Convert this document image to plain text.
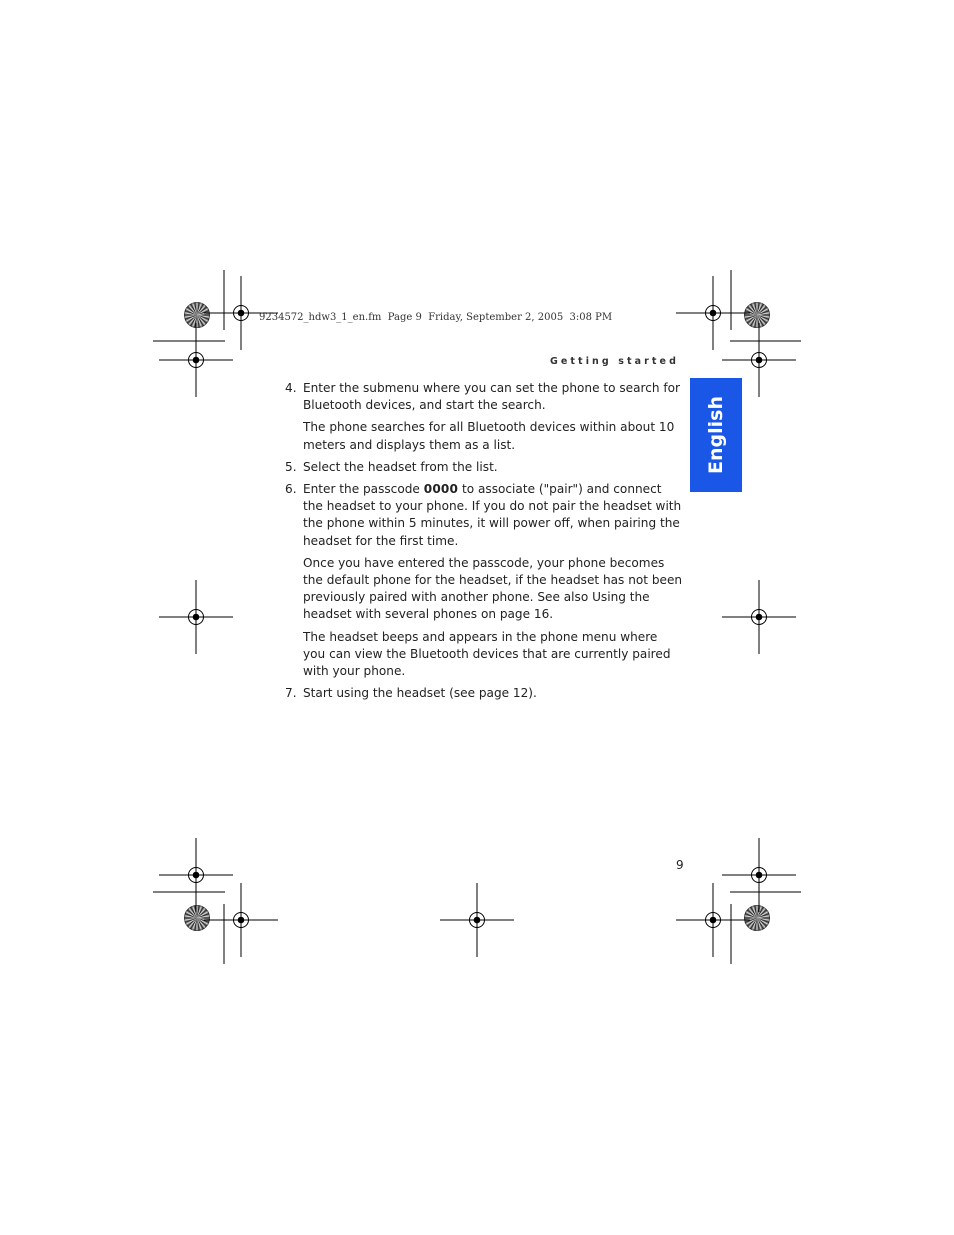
9234572_hdw3_1_en.fm  Page 9  Friday, September 2, 2005  3:08 PM
Getting started
English
4. Enter the submenu where you can set the phone to search for Bluetooth devices, and start the search.
The phone searches for all Bluetooth devices within about 10 meters and displays them as a list.
5. Select the headset from the list.
6. Enter the passcode 0000 to associate ("pair") and connect the headset to your phone. If you do not pair the headset with the phone within 5 minutes, it will power off, when pairing the headset for the first time.
Once you have entered the passcode, your phone becomes the default phone for the headset, if the headset has not been previously paired with another phone. See also Using the headset with several phones on page 16.
The headset beeps and appears in the phone menu where you can view the Bluetooth devices that are currently paired with your phone.
7. Start using the headset (see page 12).
9
